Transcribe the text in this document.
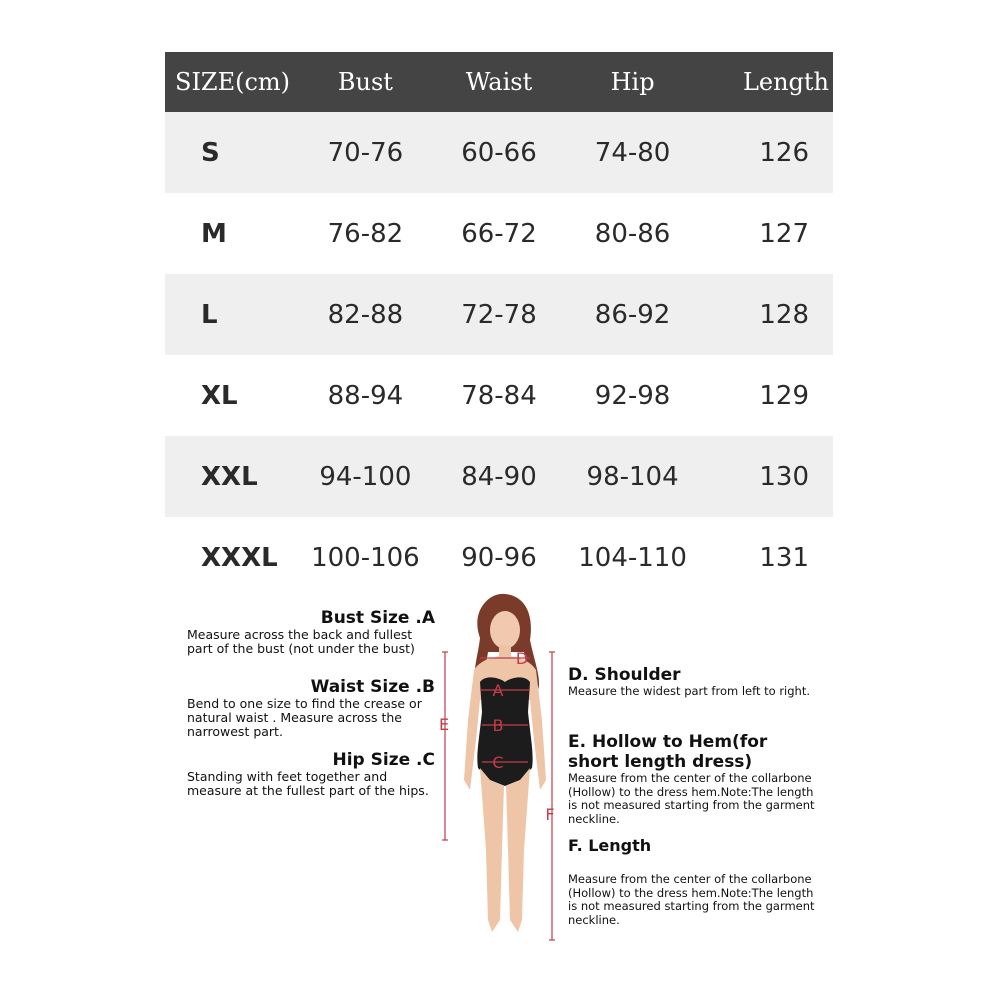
SIZE(cm)	Bust	Waist	Hip	Length
S	70-76	60-66	74-80	126
M	76-82	66-72	80-86	127
L	82-88	72-78	86-92	128
XL	88-94	78-84	92-98	129
XXL	94-100	84-90	98-104	130
XXXL	100-106	90-96	104-110	131
Bust Size .A
Measure across the back and fullest part of the bust (not under the bust)
Waist Size .B
Bend to one size to find the crease or natural waist . Measure across the narrowest part.
Hip Size .C
Standing with feet together and measure at the fullest part of the hips.
D. Shoulder
Measure the widest part from left to right.
E. Hollow to Hem(for short length dress)
Measure from the center of the collarbone (Hollow) to the dress hem.Note:The length is not measured starting from the garment neckline.
F. Length
Measure from the center of the collarbone (Hollow) to the dress hem.Note:The length is not measured starting from the garment neckline.
D
A
B
C
E
F
